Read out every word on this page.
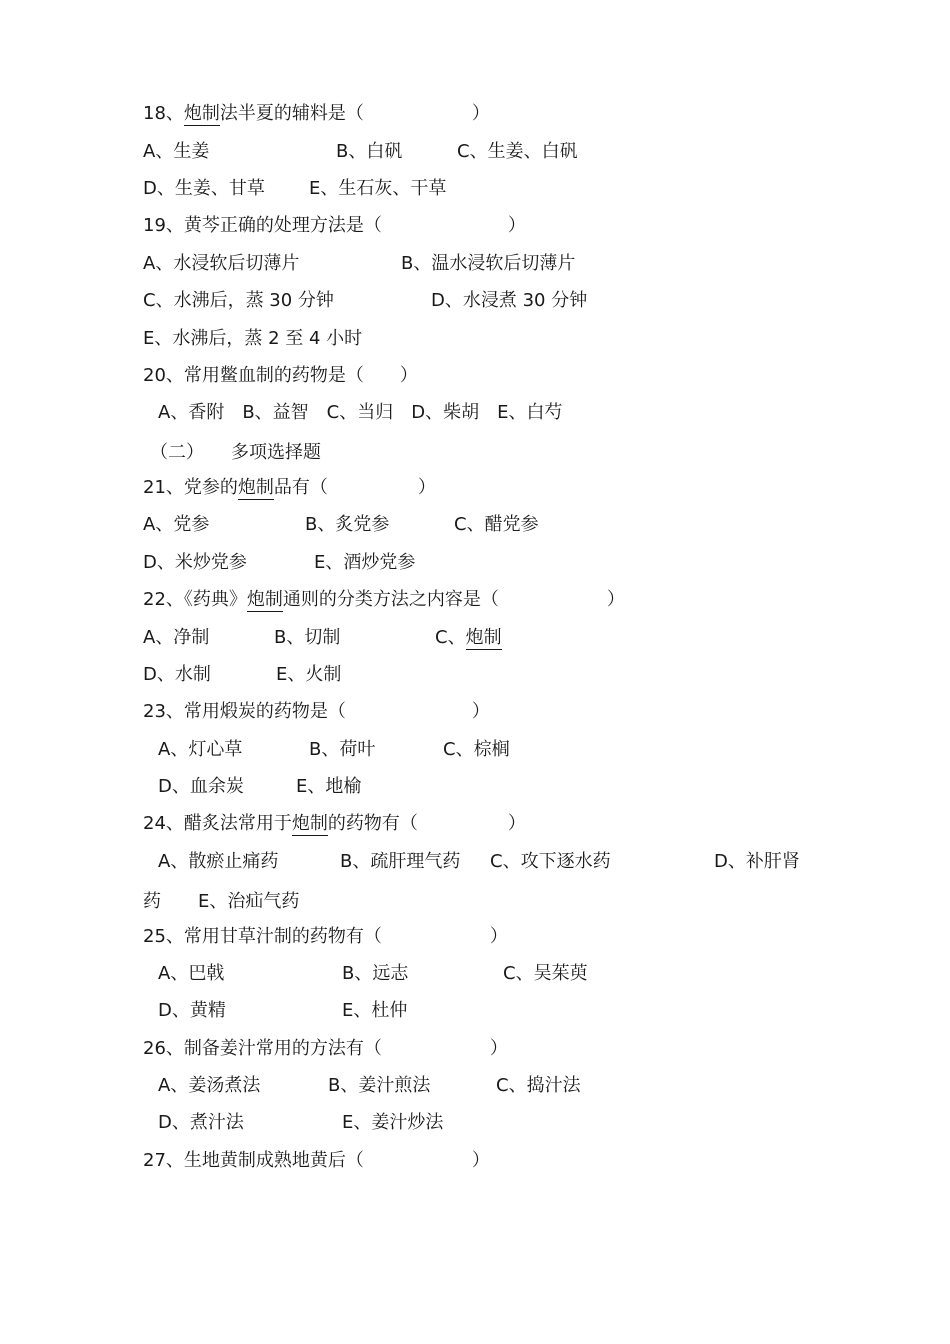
18、炮制法半夏的辅料是（　　　　　　）
A、生姜	B、白矾	C、生姜、白矾
D、生姜、甘草 E、生石灰、干草
19、黄芩正确的处理方法是（　　　　　　　）
A、水浸软后切薄片	B、温水浸软后切薄片
C、水沸后，蒸 30 分钟	D、水浸煮 30 分钟
E、水沸后，蒸 2 至 4 小时
20、常用鳖血制的药物是（　　）
A、香附　B、益智　C、当归　D、柴胡　E、白芍
（二）　　多项选择题
21、党参的炮制品有（　　　　　）
A、党参	B、炙党参	C、醋党参
D、米炒党参	E、酒炒党参
22、《药典》炮制通则的分类方法之内容是（　　　　　　）
A、净制	B、切制	C、炮制
D、水制	E、火制
23、常用煅炭的药物是（　　　　　　　）
A、灯心草	B、荷叶	C、棕榈
D、血余炭	E、地榆
24、醋炙法常用于炮制的药物有（　　　　　）
A、散瘀止痛药	B、疏肝理气药 C、攻下逐水药	D、补肝肾
药 E、治疝气药
25、常用甘草汁制的药物有（　　　　　　）
A、巴戟	B、远志	C、吴茱萸
D、黄精	E、杜仲
26、制备姜汁常用的方法有（　　　　　　）
A、姜汤煮法	B、姜汁煎法	C、捣汁法
D、煮汁法	E、姜汁炒法
27、生地黄制成熟地黄后（　　　　　　）
